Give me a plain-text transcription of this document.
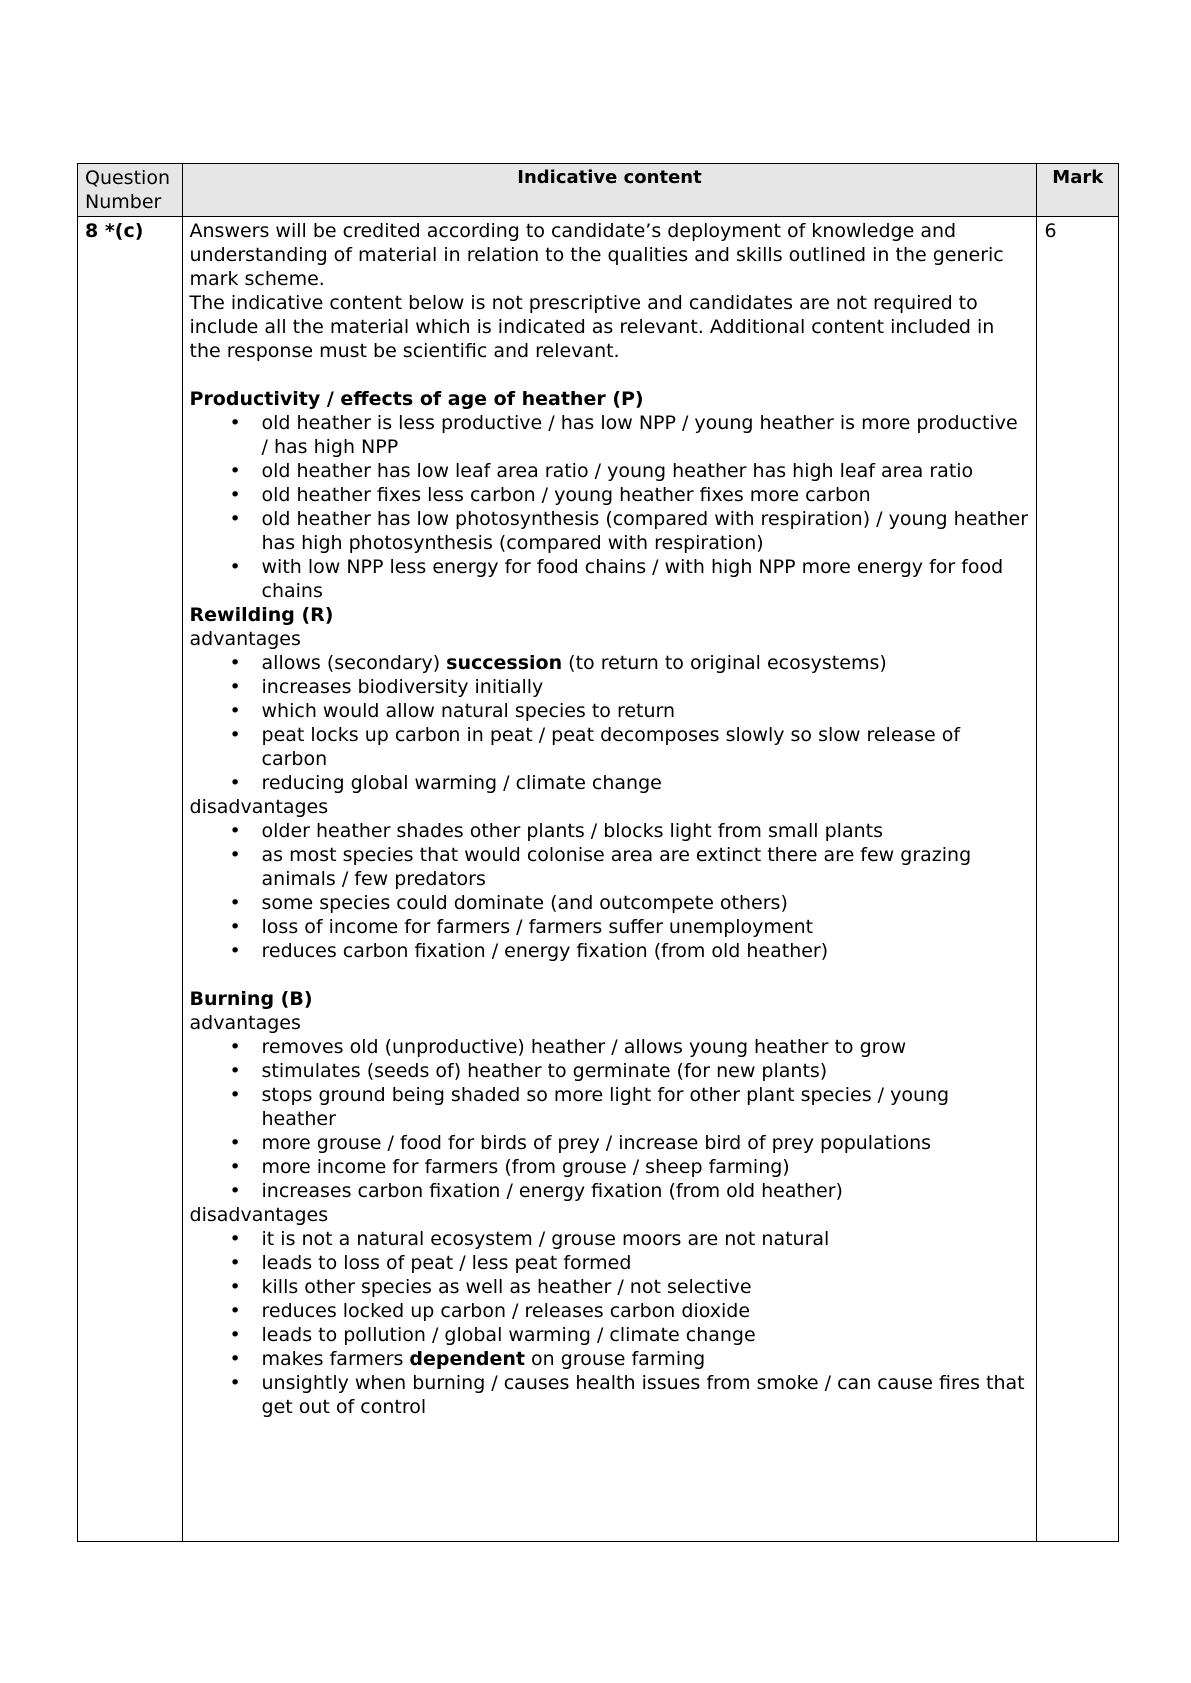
Question Number	Indicative content	Mark
8 *(c)	Answers will be credited according to candidate’s deployment of knowledge and understanding of material in relation to the qualities and skills outlined in the generic mark scheme.

The indicative content below is not prescriptive and candidates are not required to include all the material which is indicated as relevant. Additional content included in the response must be scientific and relevant.

Productivity / effects of age of heather (P)

• old heather is less productive / has low NPP / young heather is more productive / has high NPP
• old heather has low leaf area ratio / young heather has high leaf area ratio
• old heather fixes less carbon / young heather fixes more carbon
• old heather has low photosynthesis (compared with respiration) / young heather has high photosynthesis (compared with respiration)
• with low NPP less energy for food chains / with high NPP more energy for food chains

Rewilding (R)

advantages

• allows (secondary) succession (to return to original ecosystems)
• increases biodiversity initially
• which would allow natural species to return
• peat locks up carbon in peat / peat decomposes slowly so slow release of carbon
• reducing global warming / climate change

disadvantages

• older heather shades other plants / blocks light from small plants
• as most species that would colonise area are extinct there are few grazing animals / few predators
• some species could dominate (and outcompete others)
• loss of income for farmers / farmers suffer unemployment
• reduces carbon fixation / energy fixation (from old heather)

Burning (B)

advantages

• removes old (unproductive) heather / allows young heather to grow
• stimulates (seeds of) heather to germinate (for new plants)
• stops ground being shaded so more light for other plant species / young heather
• more grouse / food for birds of prey / increase bird of prey populations
• more income for farmers (from grouse / sheep farming)
• increases carbon fixation / energy fixation (from old heather)

disadvantages

• it is not a natural ecosystem / grouse moors are not natural
• leads to loss of peat / less peat formed
• kills other species as well as heather / not selective
• reduces locked up carbon / releases carbon dioxide
• leads to pollution / global warming / climate change
• makes farmers dependent on grouse farming
• unsightly when burning / causes health issues from smoke / can cause fires that get out of control
	6
